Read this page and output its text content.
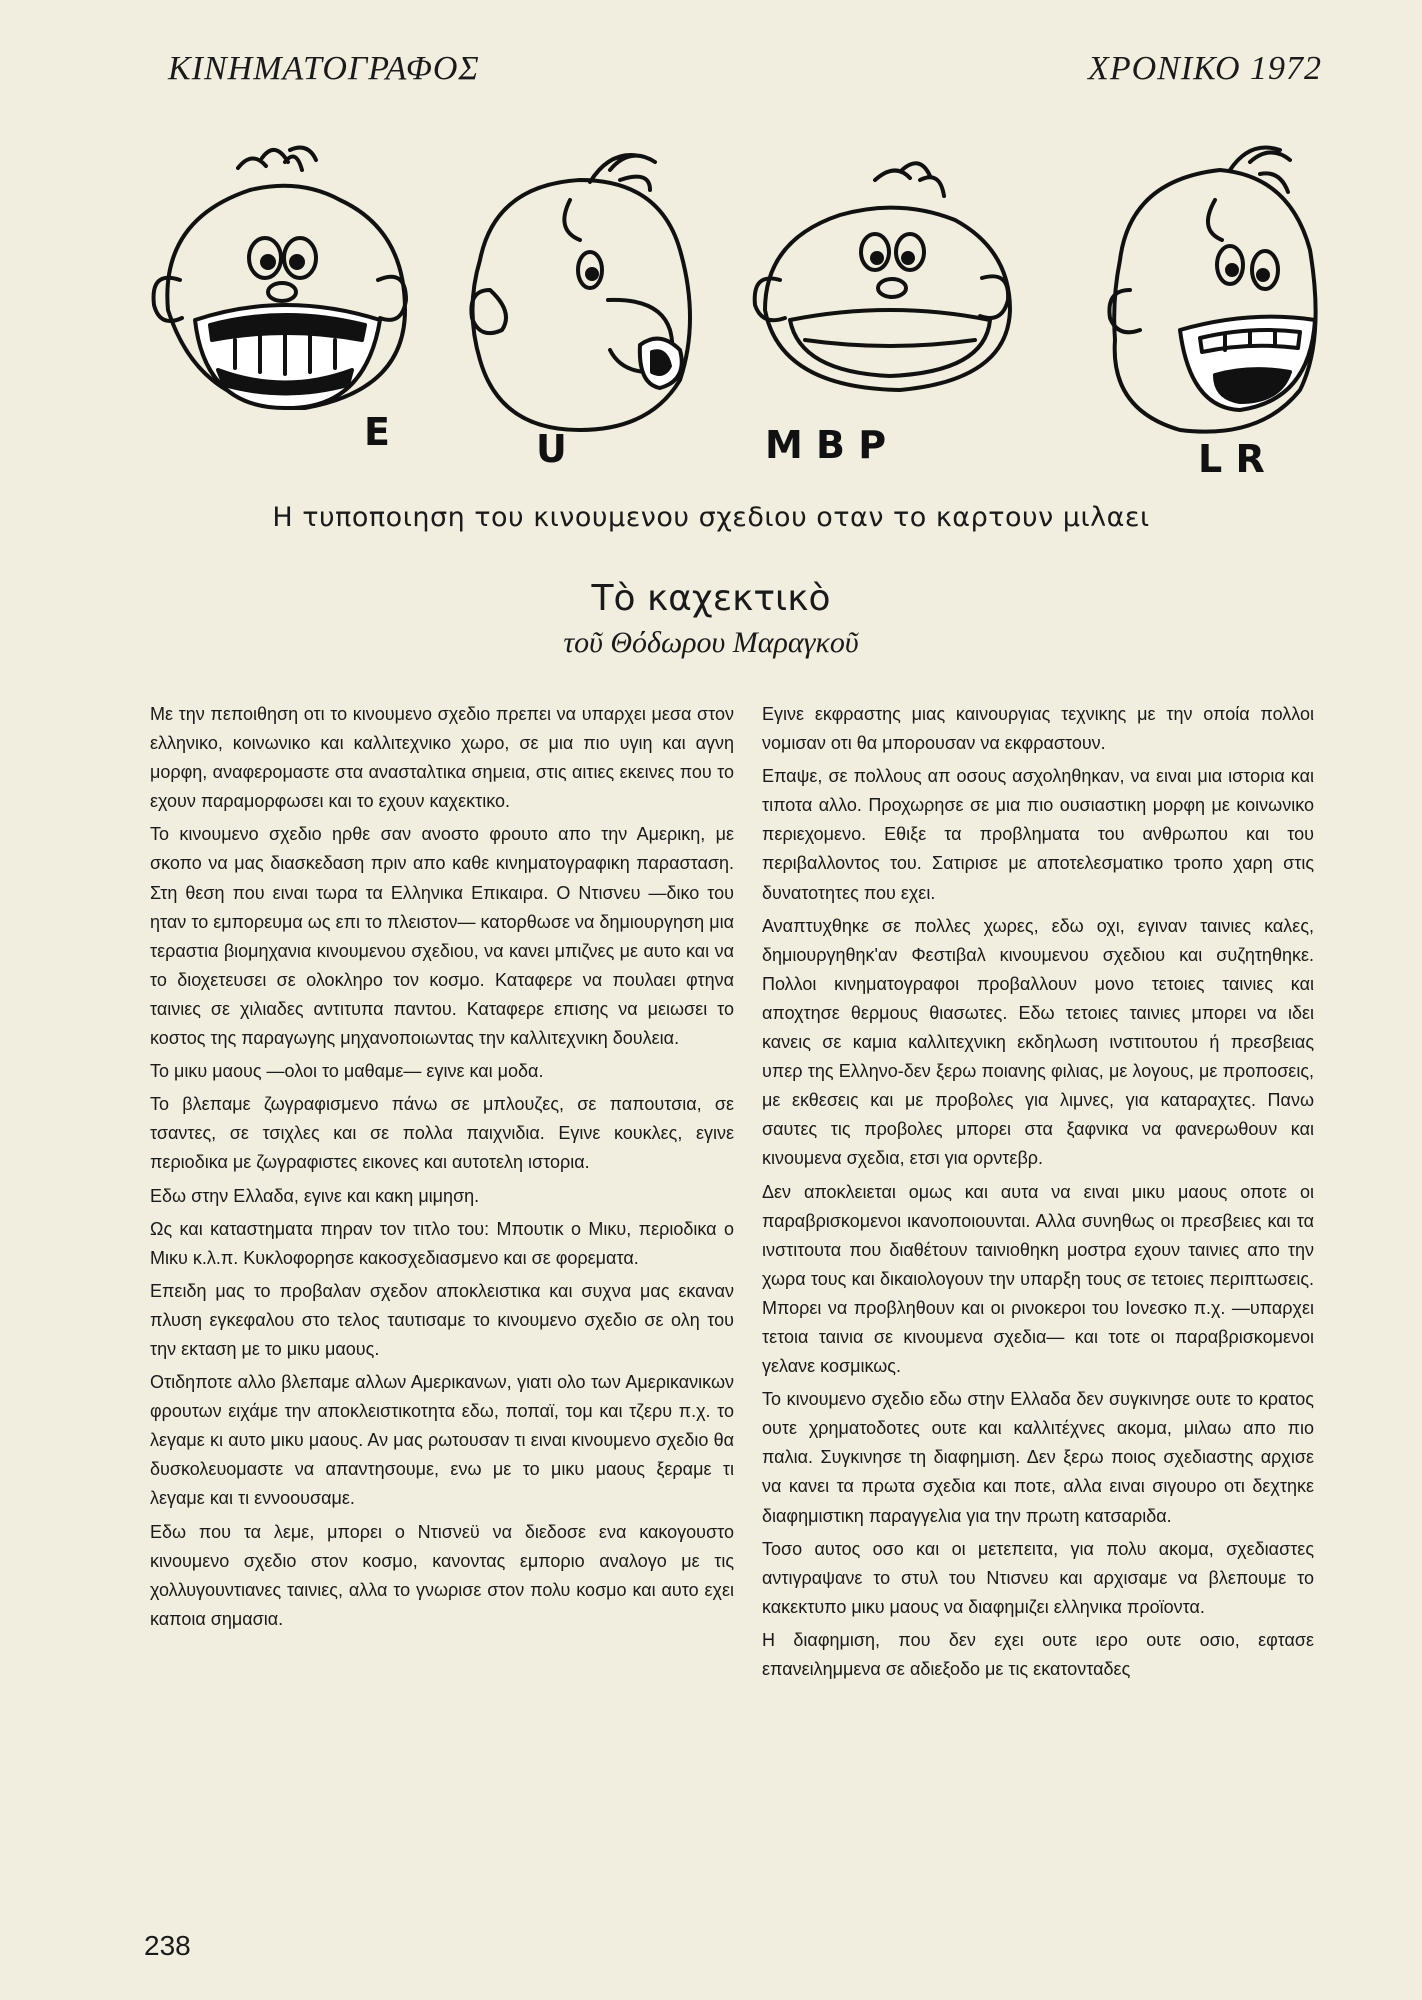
ΚΙΝΗΜΑΤΟΓΡΑΦΟΣ	ΧΡΟΝΙΚΟ 1972
E	U	M B P	L R
Η τυποποιηση του κινουμενου σχεδιου οταν το καρτουν μιλαει
Τὸ καχεκτικὸ
τοῦ Θόδωρου Μαραγκοῦ

Με την πεποιθηση οτι το κινουμενο σχεδιο πρεπει να υπαρχει μεσα στον ελληνικο, κοινωνικο και καλλιτεχνικο χωρο, σε μια πιο υγιη και αγνη μορφη, αναφερομαστε στα ανασταλτικα σημεια, στις αιτιες εκεινες που το εχουν παραμορφωσει και το εχουν καχεκτικο.

Το κινουμενο σχεδιο ηρθε σαν ανοστο φρουτο απο την Αμερικη, με σκοπο να μας διασκεδαση πριν απο καθε κινηματογραφικη παρασταση. Στη θεση που ειναι τωρα τα Ελληνικα Επικαιρα. Ο Ντισνευ —δικο του ηταν το εμπορευμα ως επι το πλειστον— κατορθωσε να δημιουργηση μια τεραστια βιομηχανια κινουμενου σχεδιου, να κανει μπιζνες με αυτο και να το διοχετευσει σε ολοκληρο τον κοσμο. Καταφερε να πουλαει φτηνα ταινιες σε χιλιαδες αντιτυπα παντου. Καταφερε επισης να μειωσει το κοστος της παραγωγης μηχανοποιωντας την καλλιτεχνικη δουλεια.

Το μικυ μαους —ολοι το μαθαμε— εγινε και μοδα.

Το βλεπαμε ζωγραφισμενο πάνω σε μπλουζες, σε παπουτσια, σε τσαντες, σε τσιχλες και σε πολλα παιχνιδια. Εγινε κουκλες, εγινε περιοδικα με ζωγραφιστες εικονες και αυτοτελη ιστορια.

Εδω στην Ελλαδα, εγινε και κακη μιμηση.

Ως και καταστηματα πηραν τον τιτλο του: Μπουτικ ο Μικυ, περιοδικα ο Μικυ κ.λ.π. Κυκλοφορησε κακοσχεδιασμενο και σε φορεματα.

Επειδη μας το προβαλαν σχεδον αποκλειστικα και συχνα μας εκαναν πλυση εγκεφαλου στο τελος ταυτισαμε το κινουμενο σχεδιο σε ολη του την εκταση με το μικυ μαους.

Οτιδηποτε αλλο βλεπαμε αλλων Αμερικανων, γιατι ολο των Αμερικανικων φρουτων ειχάμε την αποκλειστικοτητα εδω, ποπαϊ, τομ και τζερυ π.χ. το λεγαμε κι αυτο μικυ μαους. Αν μας ρωτουσαν τι ειναι κινουμενο σχεδιο θα δυσκολευομαστε να απαντησουμε, ενω με το μικυ μαους ξεραμε τι λεγαμε και τι εννοουσαμε.

Εδω που τα λεμε, μπορει ο Ντισνεϋ να διεδοσε ενα κακογουστο κινουμενο σχεδιο στον κοσμο, κανοντας εμποριο αναλογο με τις χολλυγουντιανες ταινιες, αλλα το γνωρισε στον πολυ κοσμο και αυτο εχει καποια σημασια.

Εγινε εκφραστης μιας καινουργιας τεχνικης με την οποία πολλοι νομισαν οτι θα μπορουσαν να εκφραστουν.

Επαψε, σε πολλους απ οσους ασχοληθηκαν, να ειναι μια ιστορια και τιποτα αλλο. Προχωρησε σε μια πιο ουσιαστικη μορφη με κοινωνικο περιεχομενο. Εθιξε τα προβληματα του ανθρωπου και του περιβαλλοντος του. Σατιρισε με αποτελεσματικο τροπο χαρη στις δυνατοτητες που εχει.

Αναπτυχθηκε σε πολλες χωρες, εδω οχι, εγιναν ταινιες καλες, δημιουργηθηκ'αν Φεστιβαλ κινουμενου σχεδιου και συζητηθηκε. Πολλοι κινηματογραφοι προβαλλουν μονο τετοιες ταινιες και αποχτησε θερμους θιασωτες. Εδω τετοιες ταινιες μπορει να ιδει κανεις σε καμια καλλιτεχνικη εκδηλωση ινστιτουτου ή πρεσβειας υπερ της Ελληνο-δεν ξερω ποιανης φιλιας, με λογους, με προποσεις, με εκθεσεις και με προβολες για λιμνες, για καταραχτες. Πανω σαυτες τις προβολες μπορει στα ξαφνικα να φανερωθουν και κινουμενα σχεδια, ετσι για ορντεβρ.

Δεν αποκλειεται ομως και αυτα να ειναι μικυ μαους οποτε οι παραβρισκομενοι ικανοποιουνται. Αλλα συνηθως οι πρεσβειες και τα ινστιτουτα που διαθέτουν ταινιοθηκη μοστρα εχουν ταινιες απο την χωρα τους και δικαιολογουν την υπαρξη τους σε τετοιες περιπτωσεις. Μπορει να προβληθουν και οι ρινοκεροι του Ιονεσκο π.χ. —υπαρχει τετοια ταινια σε κινουμενα σχεδια— και τοτε οι παραβρισκομενοι γελανε κοσμικως.

Το κινουμενο σχεδιο εδω στην Ελλαδα δεν συγκινησε ουτε το κρατος ουτε χρηματοδοτες ουτε και καλλιτέχνες ακομα, μιλαω απο πιο παλια. Συγκινησε τη διαφημιση. Δεν ξερω ποιος σχεδιαστης αρχισε να κανει τα πρωτα σχεδια και ποτε, αλλα ειναι σιγουρο οτι δεχτηκε διαφημιστικη παραγγελια για την πρωτη κατσαριδα.

Τοσο αυτος οσο και οι μετεπειτα, για πολυ ακομα, σχεδιαστες αντιγραψανε το στυλ του Ντισνευ και αρχισαμε να βλεπουμε το κακεκτυπο μικυ μαους να διαφημιζει ελληνικα προϊοντα.

Η διαφημιση, που δεν εχει ουτε ιερο ουτε οσιο, εφτασε επανειλημμενα σε αδιεξοδο με τις εκατονταδες

238
